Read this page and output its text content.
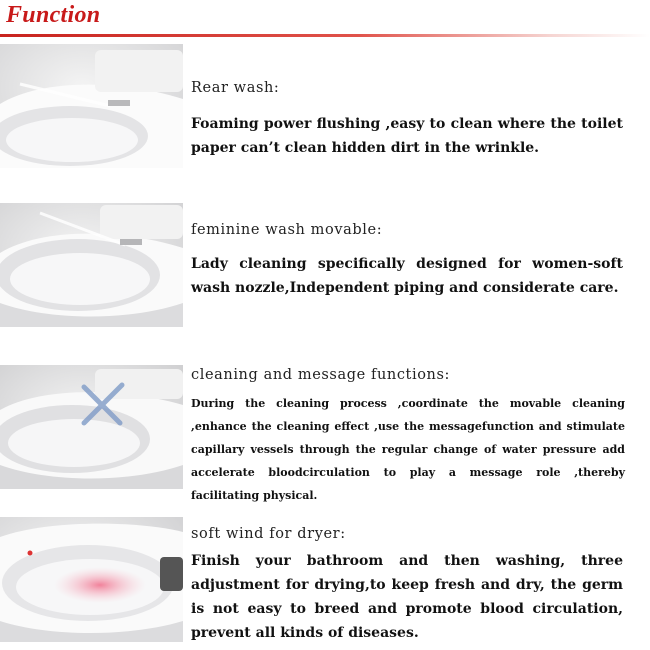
Function
Rear wash:
Foaming power flushing ,easy to clean where the toilet paper can’t clean hidden dirt in the wrinkle.
feminine wash movable:
Lady cleaning specifically designed for women-soft wash nozzle,Independent piping and considerate care.
cleaning and message functions:
During the cleaning process ,coordinate the movable cleaning ,enhance the cleaning effect ,use the messagefunction and stimulate capillary vessels through the regular change of water pressure add accelerate bloodcirculation to play a message role ,thereby facilitating physical.
soft wind for dryer:
Finish your bathroom and then washing, three adjustment for drying,to keep fresh and dry, the germ is not easy to breed and promote blood circulation, prevent all kinds of diseases.
